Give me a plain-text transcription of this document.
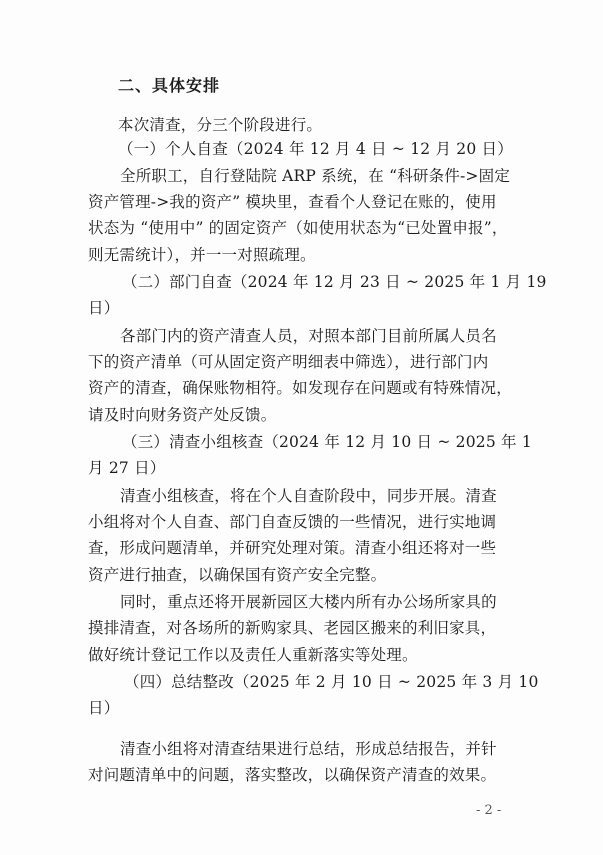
二、具体安排
本次清查，分三个阶段进行。
（一）个人自查（2024 年 12 月 4 日 ~ 12 月 20 日）
全所职工，自行登陆院 ARP 系统，在 “科研条件->固定
资产管理->我的资产” 模块里，查看个人登记在账的，使用
状态为 “使用中” 的固定资产（如使用状态为“已处置申报”，
则无需统计），并一一对照疏理。
（二）部门自查（2024 年 12 月 23 日 ~ 2025 年 1 月 19
日）
各部门内的资产清查人员，对照本部门目前所属人员名
下的资产清单（可从固定资产明细表中筛选），进行部门内
资产的清查，确保账物相符。如发现存在问题或有特殊情况，
请及时向财务资产处反馈。
（三）清查小组核查（2024 年 12 月 10 日 ~ 2025 年 1
月 27 日）
清查小组核查，将在个人自查阶段中，同步开展。清查
小组将对个人自查、部门自查反馈的一些情况，进行实地调
查，形成问题清单，并研究处理对策。清查小组还将对一些
资产进行抽查，以确保国有资产安全完整。
同时，重点还将开展新园区大楼内所有办公场所家具的
摸排清查，对各场所的新购家具、老园区搬来的利旧家具，
做好统计登记工作以及责任人重新落实等处理。
（四）总结整改（2025 年 2 月 10 日 ~ 2025 年 3 月 10
日）
清查小组将对清查结果进行总结，形成总结报告，并针
对问题清单中的问题，落实整改，以确保资产清查的效果。
- 2 -
